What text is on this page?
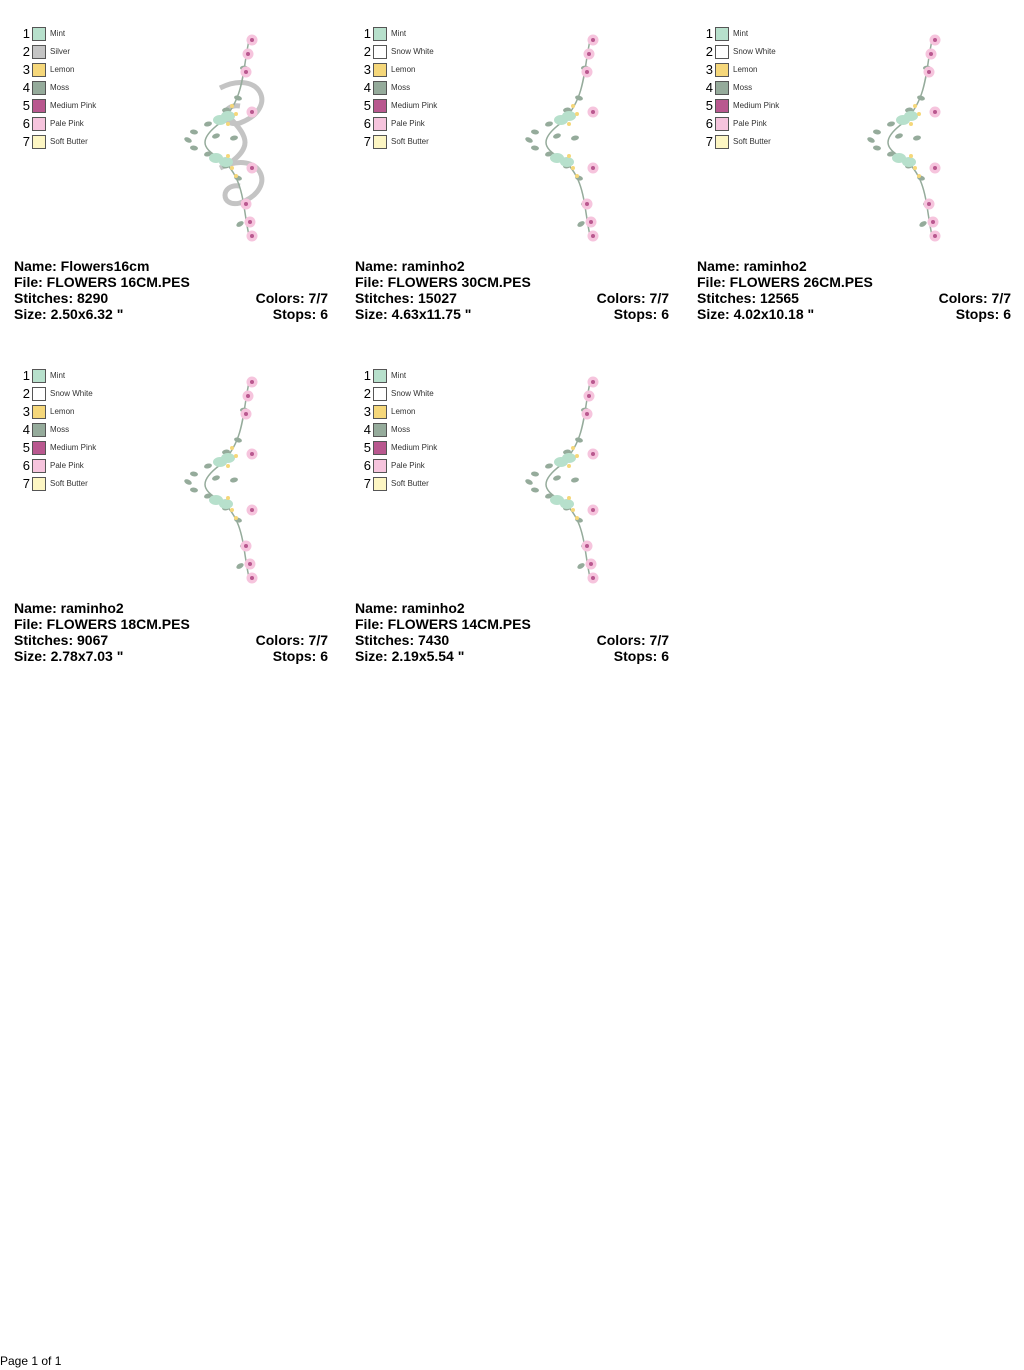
1	Mint
2	Silver
3	Lemon
4	Moss
5	Medium Pink
6	Pale Pink
7	Soft Butter
Name: Flowers16cm
File: FLOWERS 16CM.PES
Stitches: 8290	Colors: 7/7
Size: 2.50x6.32 "	Stops: 6
1	Mint
2	Snow White
3	Lemon
4	Moss
5	Medium Pink
6	Pale Pink
7	Soft Butter
Name: raminho2
File: FLOWERS 30CM.PES
Stitches: 15027	Colors: 7/7
Size: 4.63x11.75 "	Stops: 6
1	Mint
2	Snow White
3	Lemon
4	Moss
5	Medium Pink
6	Pale Pink
7	Soft Butter
Name: raminho2
File: FLOWERS 26CM.PES
Stitches: 12565	Colors: 7/7
Size: 4.02x10.18 "	Stops: 6
1	Mint
2	Snow White
3	Lemon
4	Moss
5	Medium Pink
6	Pale Pink
7	Soft Butter
Name: raminho2
File: FLOWERS 18CM.PES
Stitches: 9067	Colors: 7/7
Size: 2.78x7.03 "	Stops: 6
1	Mint
2	Snow White
3	Lemon
4	Moss
5	Medium Pink
6	Pale Pink
7	Soft Butter
Name: raminho2
File: FLOWERS 14CM.PES
Stitches: 7430	Colors: 7/7
Size: 2.19x5.54 "	Stops: 6
Page 1 of 1
